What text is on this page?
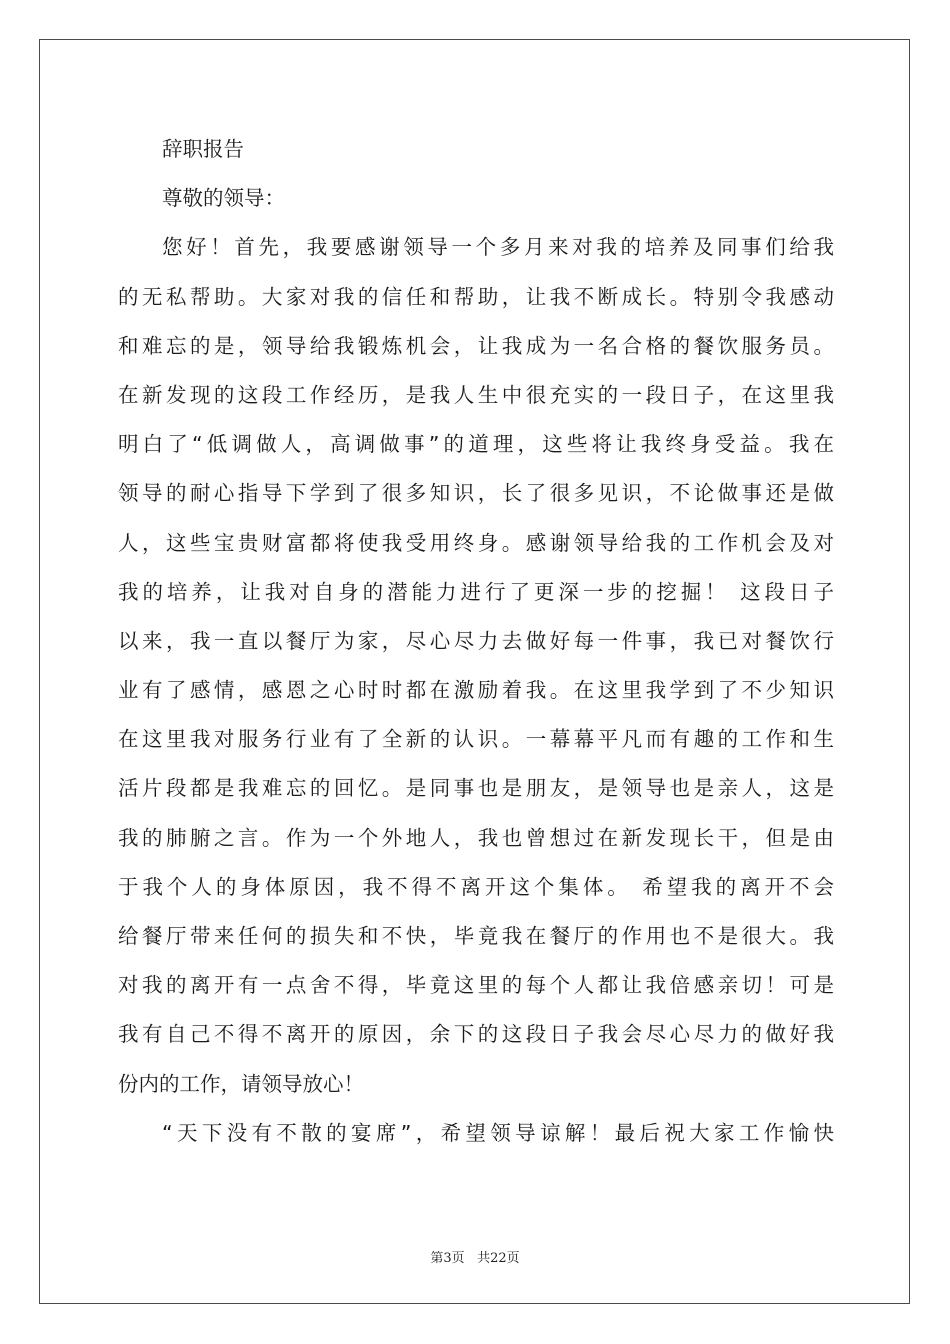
辞职报告
尊敬的领导：
您好！首先，我要感谢领导一个多月来对我的培养及同事们给我
的无私帮助。大家对我的信任和帮助，让我不断成长。特别令我感动
和难忘的是，领导给我锻炼机会，让我成为一名合格的餐饮服务员。
在新发现的这段工作经历，是我人生中很充实的一段日子，在这里我
明白了“低调做人，高调做事”的道理，这些将让我终身受益。我在
领导的耐心指导下学到了很多知识，长了很多见识，不论做事还是做
人，这些宝贵财富都将使我受用终身。感谢领导给我的工作机会及对
我的培养，让我对自身的潜能力进行了更深一步的挖掘！ 这段日子
以来，我一直以餐厅为家，尽心尽力去做好每一件事，我已对餐饮行
业有了感情，感恩之心时时都在激励着我。在这里我学到了不少知识
在这里我对服务行业有了全新的认识。一幕幕平凡而有趣的工作和生
活片段都是我难忘的回忆。是同事也是朋友，是领导也是亲人，这是
我的肺腑之言。作为一个外地人，我也曾想过在新发现长干，但是由
于我个人的身体原因，我不得不离开这个集体。 希望我的离开不会
给餐厅带来任何的损失和不快，毕竟我在餐厅的作用也不是很大。我
对我的离开有一点舍不得，毕竟这里的每个人都让我倍感亲切！可是
我有自己不得不离开的原因，余下的这段日子我会尽心尽力的做好我
份内的工作，请领导放心！
“天下没有不散的宴席”，希望领导谅解！最后祝大家工作愉快
第3页 共22页
